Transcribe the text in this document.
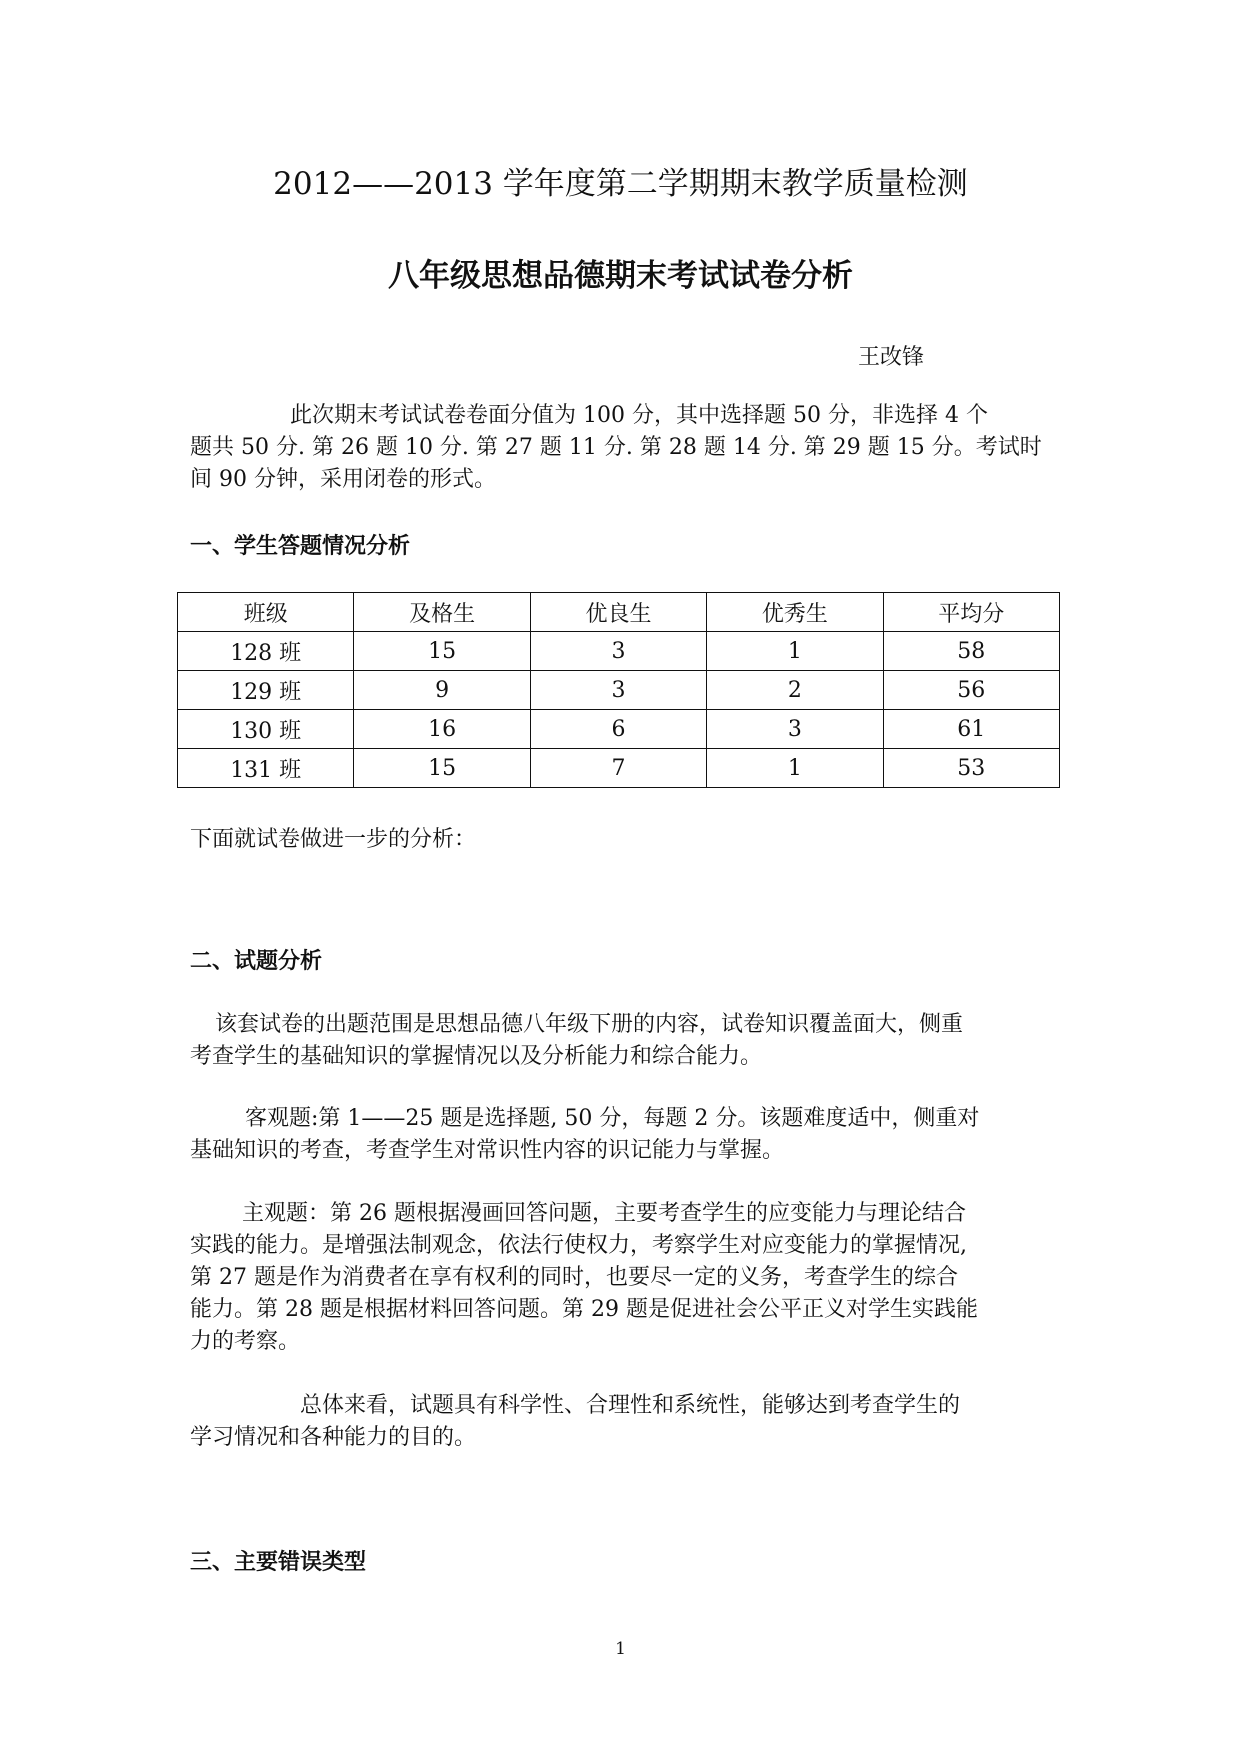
2012——2013 学年度第二学期期末教学质量检测
八年级思想品德期末考试试卷分析
王改锋
此次期末考试试卷卷面分值为 100 分，其中选择题 50 分，非选择 4 个
题共 50 分. 第 26 题 10 分. 第 27 题 11 分. 第 28 题 14 分. 第 29 题 15 分。考试时
间 90 分钟，采用闭卷的形式。
一、学生答题情况分析
班级	及格生	优良生	优秀生	平均分
128 班	15	3	1	58
129 班	9	3	2	56
130 班	16	6	3	61
131 班	15	7	1	53
下面就试卷做进一步的分析：
二、试题分析
该套试卷的出题范围是思想品德八年级下册的内容，试卷知识覆盖面大，侧重
考查学生的基础知识的掌握情况以及分析能力和综合能力。
客观题:第 1——25 题是选择题, 50 分，每题 2 分。该题难度适中，侧重对
基础知识的考查，考查学生对常识性内容的识记能力与掌握。
主观题：第 26 题根据漫画回答问题，主要考查学生的应变能力与理论结合
实践的能力。是增强法制观念，依法行使权力，考察学生对应变能力的掌握情况,
第 27 题是作为消费者在享有权利的同时，也要尽一定的义务，考查学生的综合
能力。第 28 题是根据材料回答问题。第 29 题是促进社会公平正义对学生实践能
力的考察。
总体来看，试题具有科学性、合理性和系统性，能够达到考查学生的
学习情况和各种能力的目的。
三、主要错误类型
1
